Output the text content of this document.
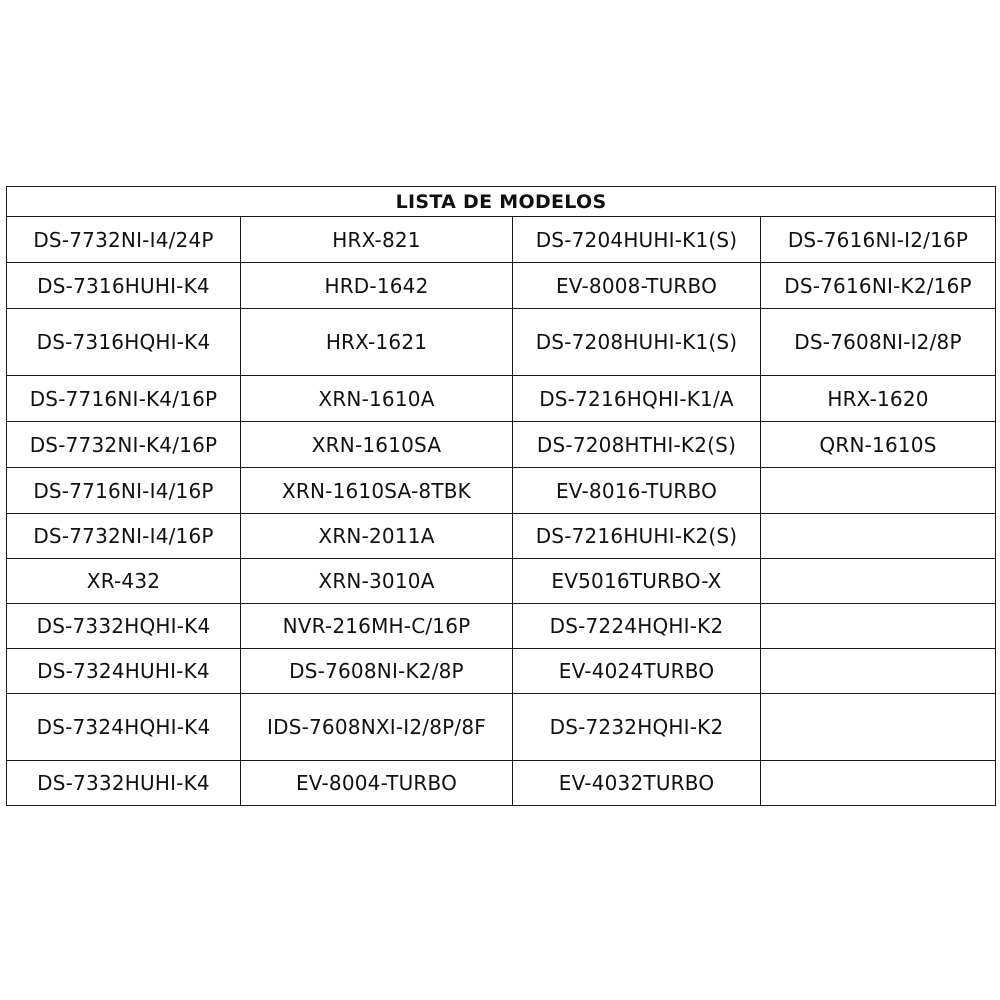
LISTA DE MODELOS			
DS-7732NI-I4/24P	HRX-821	DS-7204HUHI-K1(S)	DS-7616NI-I2/16P
DS-7316HUHI-K4	HRD-1642	EV-8008-TURBO	DS-7616NI-K2/16P
DS-7316HQHI-K4	HRX-1621	DS-7208HUHI-K1(S)	DS-7608NI-I2/8P
DS-7716NI-K4/16P	XRN-1610A	DS-7216HQHI-K1/A	HRX-1620
DS-7732NI-K4/16P	XRN-1610SA	DS-7208HTHI-K2(S)	QRN-1610S
DS-7716NI-I4/16P	XRN-1610SA-8TBK	EV-8016-TURBO	
DS-7732NI-I4/16P	XRN-2011A	DS-7216HUHI-K2(S)	
XR-432	XRN-3010A	EV5016TURBO-X	
DS-7332HQHI-K4	NVR-216MH-C/16P	DS-7224HQHI-K2	
DS-7324HUHI-K4	DS-7608NI-K2/8P	EV-4024TURBO	
DS-7324HQHI-K4	IDS-7608NXI-I2/8P/8F	DS-7232HQHI-K2	
DS-7332HUHI-K4	EV-8004-TURBO	EV-4032TURBO	
